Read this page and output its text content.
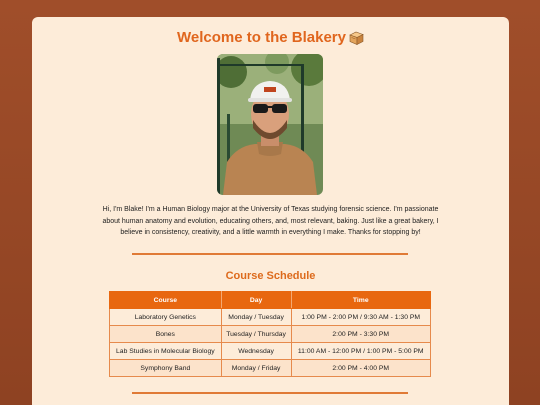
Welcome to the Blakery

Hi, I'm Blake! I'm a Human Biology major at the University of Texas studying forensic science. I'm passionate about human anatomy and evolution, educating others, and, most relevant, baking. Just like a great bakery, I believe in consistency, creativity, and a little warmth in everything I make. Thanks for stopping by!

Course Schedule
Course	Day	Time
Laboratory Genetics	Monday / Tuesday	1:00 PM - 2:00 PM / 9:30 AM - 1:30 PM
Bones	Tuesday / Thursday	2:00 PM - 3:30 PM
Lab Studies in Molecular Biology	Wednesday	11:00 AM - 12:00 PM / 1:00 PM - 5:00 PM
Symphony Band	Monday / Friday	2:00 PM - 4:00 PM
